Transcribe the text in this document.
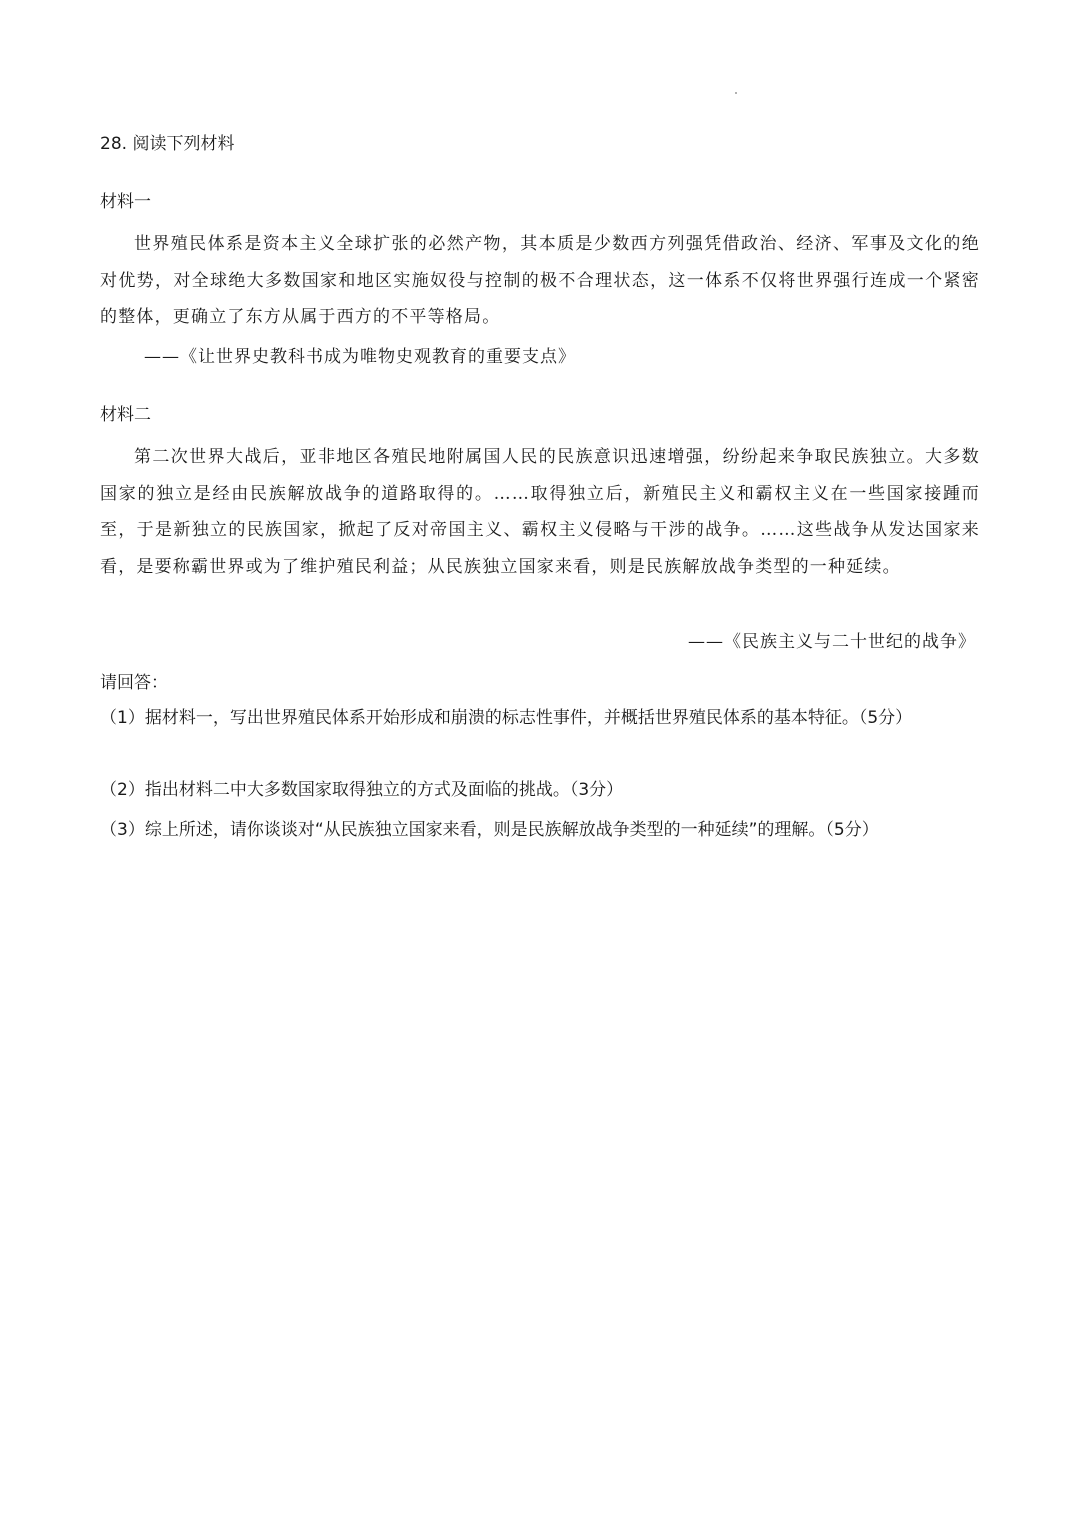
28. 阅读下列材料
材料一
世界殖民体系是资本主义全球扩张的必然产物，其本质是少数西方列强凭借政治、经济、军事及文化的绝对优势，对全球绝大多数国家和地区实施奴役与控制的极不合理状态，这一体系不仅将世界强行连成一个紧密的整体，更确立了东方从属于西方的不平等格局。
——《让世界史教科书成为唯物史观教育的重要支点》
材料二
第二次世界大战后，亚非地区各殖民地附属国人民的民族意识迅速增强，纷纷起来争取民族独立。大多数国家的独立是经由民族解放战争的道路取得的。……取得独立后，新殖民主义和霸权主义在一些国家接踵而至，于是新独立的民族国家，掀起了反对帝国主义、霸权主义侵略与干涉的战争。……这些战争从发达国家来看，是要称霸世界或为了维护殖民利益；从民族独立国家来看，则是民族解放战争类型的一种延续。
——《民族主义与二十世纪的战争》
请回答：
（1）据材料一，写出世界殖民体系开始形成和崩溃的标志性事件，并概括世界殖民体系的基本特征。（5分）
（2）指出材料二中大多数国家取得独立的方式及面临的挑战。（3分）
（3）综上所述，请你谈谈对“从民族独立国家来看，则是民族解放战争类型的一种延续”的理解。（5分）
